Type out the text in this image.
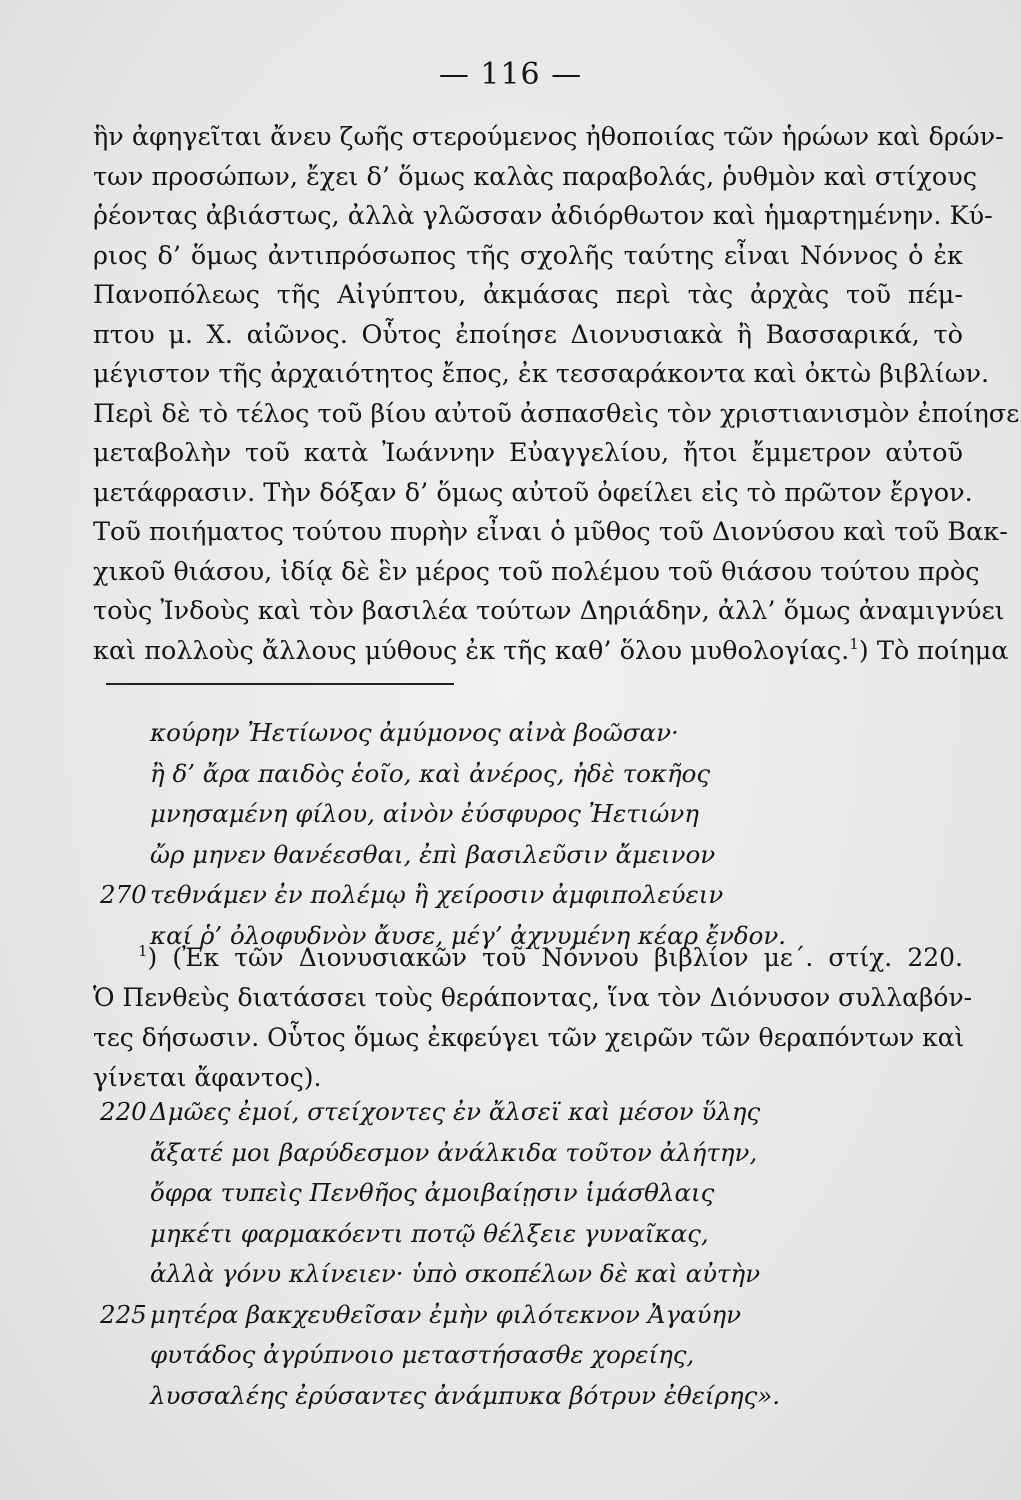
— 116 —
ἣν ἀφηγεῖται ἄνευ ζωῆς στερούμενος ἠθοποιίας τῶν ἡρώων καὶ δρών-
των προσώπων, ἔχει δ’ ὅμως καλὰς παραβολάς, ῥυθμὸν καὶ στίχους
ῥέοντας ἀβιάστως, ἀλλὰ γλῶσσαν ἀδιόρθωτον καὶ ἡμαρτημένην. Κύ-
ριος δ’ ὅμως ἀντιπρόσωπος τῆς σχολῆς ταύτης εἶναι Νόννος ὁ ἐκ
Πανοπόλεως τῆς Αἰγύπτου, ἀκμάσας περὶ τὰς ἀρχὰς τοῦ πέμ-
πτου μ. Χ. αἰῶνος. Οὗτος ἐποίησε Διονυσιακὰ ἢ Βασσαρικά, τὸ
μέγιστον τῆς ἀρχαιότητος ἔπος, ἐκ τεσσαράκοντα καὶ ὀκτὼ βιβλίων.
Περὶ δὲ τὸ τέλος τοῦ βίου αὐτοῦ ἀσπασθεὶς τὸν χριστιανισμὸν ἐποίησε
μεταβολὴν τοῦ κατὰ Ἰωάννην Εὐαγγελίου, ἤτοι ἔμμετρον αὐτοῦ
μετάφρασιν. Τὴν δόξαν δ’ ὅμως αὐτοῦ ὀφείλει εἰς τὸ πρῶτον ἔργον.
Τοῦ ποιήματος τούτου πυρὴν εἶναι ὁ μῦθος τοῦ Διονύσου καὶ τοῦ Βακ-
χικοῦ θιάσου, ἰδίᾳ δὲ ἓν μέρος τοῦ πολέμου τοῦ θιάσου τούτου πρὸς
τοὺς Ἰνδοὺς καὶ τὸν βασιλέα τούτων Δηριάδην, ἀλλ’ ὅμως ἀναμιγνύει
καὶ πολλοὺς ἄλλους μύθους ἐκ τῆς καθ’ ὅλου μυθολογίας.$^1$) Τὸ ποίημα
κούρην Ἠετίωνος ἀμύμονος αἰνὰ βοῶσαν·
ἢ δ’ ἄρα παιδὸς ἑοῖο, καὶ ἀνέρος, ἠδὲ τοκῆος
μνησαμένη φίλου, αἰνὸν ἐύσφυρος Ἠετιώνη
ὤρ μηνεν θανέεσθαι, ἐπὶ βασιλεῦσιν ἄμεινον
270 τεθνάμεν ἐν πολέμῳ ἢ χείροσιν ἀμφιπολεύειν
καί ῥ’ ὀλοφυδνὸν ἄυσε, μέγ’ ἀχνυμένη κέαρ ἔνδον.
$^1$) (Ἐκ τῶν Διονυσιακῶν τοῦ Νόννου βιβλίον με΄. στίχ. 220.
Ὁ Πενθεὺς διατάσσει τοὺς θεράποντας, ἵνα τὸν Διόνυσον συλλαβόν-
τες δήσωσιν. Οὗτος ὅμως ἐκφεύγει τῶν χειρῶν τῶν θεραπόντων καὶ
γίνεται ἄφαντος).
220 Δμῶες ἐμοί, στείχοντες ἐν ἄλσεϊ καὶ μέσον ὕλης
ἄξατέ μοι βαρύδεσμον ἀνάλκιδα τοῦτον ἀλήτην,
ὄφρα τυπεὶς Πενθῆος ἀμοιβαίῃσιν ἱμάσθλαις
μηκέτι φαρμακόεντι ποτῷ θέλξειε γυναῖκας,
ἀλλὰ γόνυ κλίνειεν· ὑπὸ σκοπέλων δὲ καὶ αὐτὴν
225 μητέρα βακχευθεῖσαν ἐμὴν φιλότεκνον Ἀγαύην
φυτάδος ἀγρύπνοιο μεταστήσασθε χορείης,
λυσσαλέης ἐρύσαντες ἀνάμπυκα βότρυν ἐθείρης».
